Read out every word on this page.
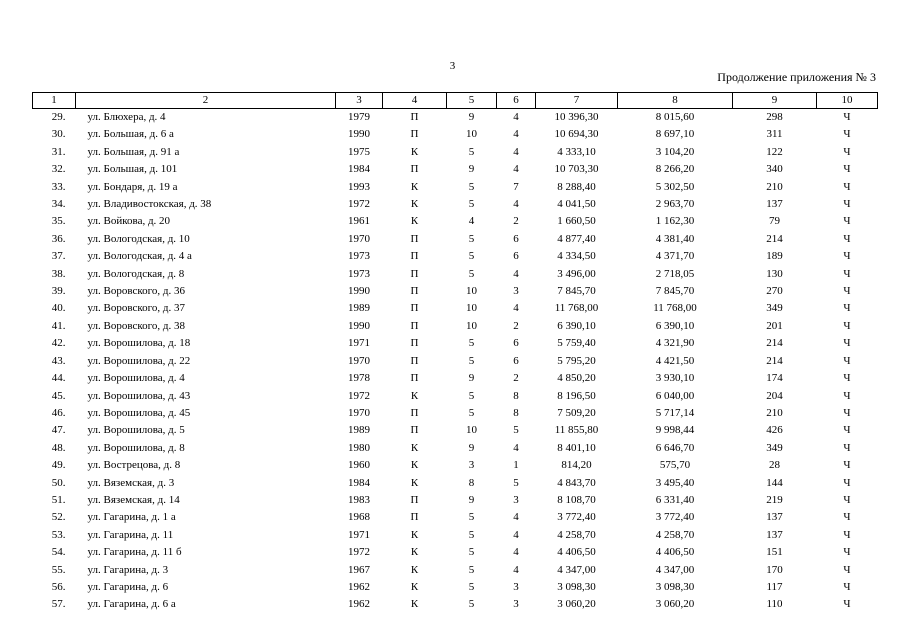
3
Продолжение приложения № 3
1	2	3	4	5	6	7	8	9	10
29.	ул. Блюхера, д. 4	1979	П	9	4	10 396,30	8 015,60	298	Ч
30.	ул. Большая, д. 6 а	1990	П	10	4	10 694,30	8 697,10	311	Ч
31.	ул. Большая, д. 91 а	1975	К	5	4	4 333,10	3 104,20	122	Ч
32.	ул. Большая, д. 101	1984	П	9	4	10 703,30	8 266,20	340	Ч
33.	ул. Бондаря, д. 19 а	1993	К	5	7	8 288,40	5 302,50	210	Ч
34.	ул. Владивостокская, д. 38	1972	К	5	4	4 041,50	2 963,70	137	Ч
35.	ул. Войкова, д. 20	1961	К	4	2	1 660,50	1 162,30	79	Ч
36.	ул. Вологодская, д. 10	1970	П	5	6	4 877,40	4 381,40	214	Ч
37.	ул. Вологодская, д. 4 а	1973	П	5	6	4 334,50	4 371,70	189	Ч
38.	ул. Вологодская, д. 8	1973	П	5	4	3 496,00	2 718,05	130	Ч
39.	ул. Воровского, д. 36	1990	П	10	3	7 845,70	7 845,70	270	Ч
40.	ул. Воровского, д. 37	1989	П	10	4	11 768,00	11 768,00	349	Ч
41.	ул. Воровского, д. 38	1990	П	10	2	6 390,10	6 390,10	201	Ч
42.	ул. Ворошилова, д. 18	1971	П	5	6	5 759,40	4 321,90	214	Ч
43.	ул. Ворошилова, д. 22	1970	П	5	6	5 795,20	4 421,50	214	Ч
44.	ул. Ворошилова, д. 4	1978	П	9	2	4 850,20	3 930,10	174	Ч
45.	ул. Ворошилова, д. 43	1972	К	5	8	8 196,50	6 040,00	204	Ч
46.	ул. Ворошилова, д. 45	1970	П	5	8	7 509,20	5 717,14	210	Ч
47.	ул. Ворошилова, д. 5	1989	П	10	5	11 855,80	9 998,44	426	Ч
48.	ул. Ворошилова, д. 8	1980	К	9	4	8 401,10	6 646,70	349	Ч
49.	ул. Вострецова, д. 8	1960	К	3	1	814,20	575,70	28	Ч
50.	ул. Вяземская, д. 3	1984	К	8	5	4 843,70	3 495,40	144	Ч
51.	ул. Вяземская, д. 14	1983	П	9	3	8 108,70	6 331,40	219	Ч
52.	ул. Гагарина, д. 1 а	1968	П	5	4	3 772,40	3 772,40	137	Ч
53.	ул. Гагарина, д. 11	1971	К	5	4	4 258,70	4 258,70	137	Ч
54.	ул. Гагарина, д. 11 б	1972	К	5	4	4 406,50	4 406,50	151	Ч
55.	ул. Гагарина, д. 3	1967	К	5	4	4 347,00	4 347,00	170	Ч
56.	ул. Гагарина, д. 6	1962	К	5	3	3 098,30	3 098,30	117	Ч
57.	ул. Гагарина, д. 6 а	1962	К	5	3	3 060,20	3 060,20	110	Ч
